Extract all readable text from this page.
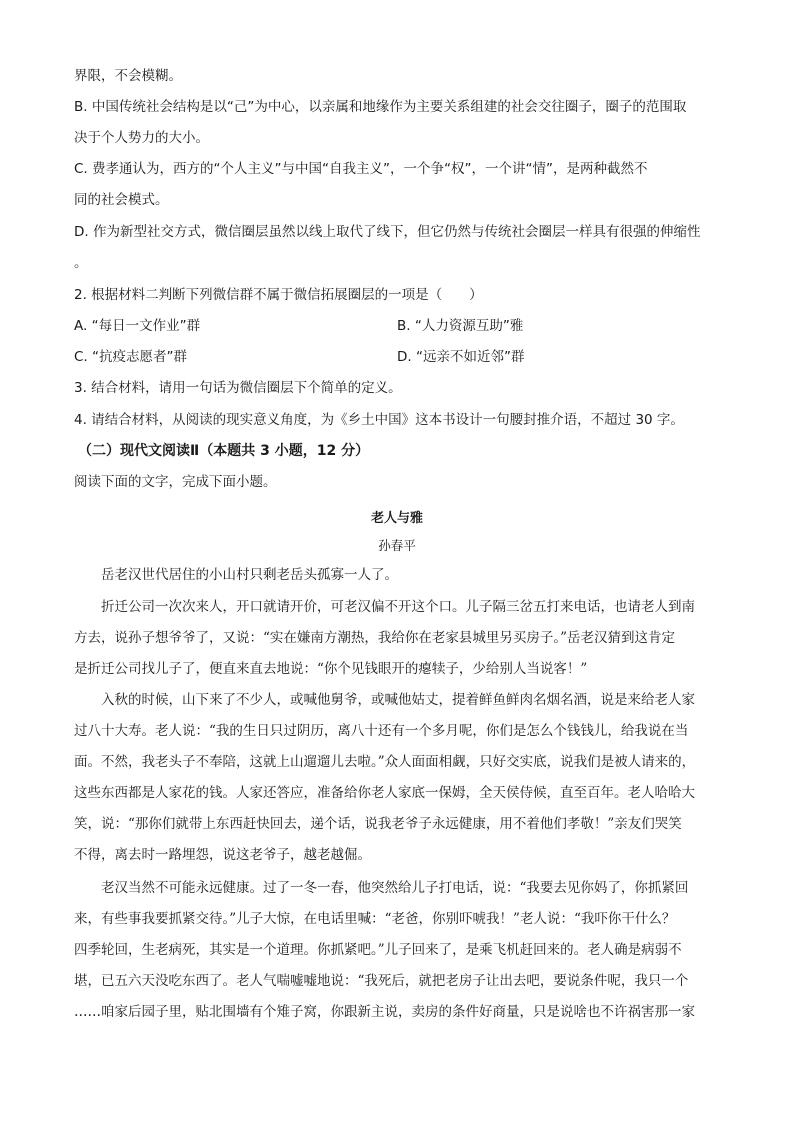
界限，不会模糊。
B. 中国传统社会结构是以“己”为中心，以亲属和地缘作为主要关系组建的社会交往圈子，圈子的范围取
决于个人势力的大小。
C. 费孝通认为，西方的“个人主义”与中国“自我主义”，一个争“权”，一个讲“情”，是两种截然不
同的社会模式。
D. 作为新型社交方式，微信圈层虽然以线上取代了线下，但它仍然与传统社会圈层一样具有很强的伸缩性
。
2. 根据材料二判断下列微信群不属于微信拓展圈层的一项是（　　）
A. “每日一文作业”群	B. “人力资源互助”雅
C. “抗疫志愿者”群	D. “远亲不如近邻”群
3. 结合材料，请用一句话为微信圈层下个简单的定义。
4. 请结合材料，从阅读的现实意义角度，为《乡土中国》这本书设计一句腰封推介语，不超过 30 字。
（二）现代文阅读Ⅱ（本题共 3 小题，12 分）
阅读下面的文字，完成下面小题。
老人与雅
孙春平
岳老汉世代居住的小山村只剩老岳头孤寡一人了。
折迁公司一次次来人，开口就请开价，可老汉偏不开这个口。儿子隔三岔五打来电话，也请老人到南
方去，说孙子想爷爷了，又说：“实在嫌南方潮热，我给你在老家县城里另买房子。”岳老汉猜到这肯定
是折迁公司找儿子了，便直来直去地说：“你个见钱眼开的瘪犊子，少给别人当说客！”
入秋的时候，山下来了不少人，或喊他舅爷，或喊他姑丈，提着鲜鱼鲜肉名烟名酒，说是来给老人家
过八十大寿。老人说：“我的生日只过阴历，离八十还有一个多月呢，你们是怎么个钱钱儿，给我说在当
面。不然，我老头子不奉陪，这就上山遛遛儿去啦。”众人面面相觑，只好交实底，说我们是被人请来的，
这些东西都是人家花的钱。人家还答应，准备给你老人家底一保姆，全天侯侍候，直至百年。老人哈哈大
笑，说：“那你们就带上东西赶快回去，递个话，说我老爷子永远健康，用不着他们孝敬！”亲友们哭笑
不得，离去时一路埋怨，说这老爷子，越老越倔。
老汉当然不可能永远健康。过了一冬一春，他突然给儿子打电话，说：“我要去见你妈了，你抓紧回
来，有些事我要抓紧交待。”儿子大惊，在电话里喊：“老爸，你别吓唬我！”老人说：“我吓你干什么？
四季轮回，生老病死，其实是一个道理。你抓紧吧。”儿子回来了，是乘飞机赶回来的。老人确是病弱不
堪，已五六天没吃东西了。老人气喘嘘嘘地说：“我死后，就把老房子让出去吧，要说条件呢，我只一个
……咱家后园子里，贴北围墙有个雉子窝，你跟新主说，卖房的条件好商量，只是说啥也不许祸害那一家
